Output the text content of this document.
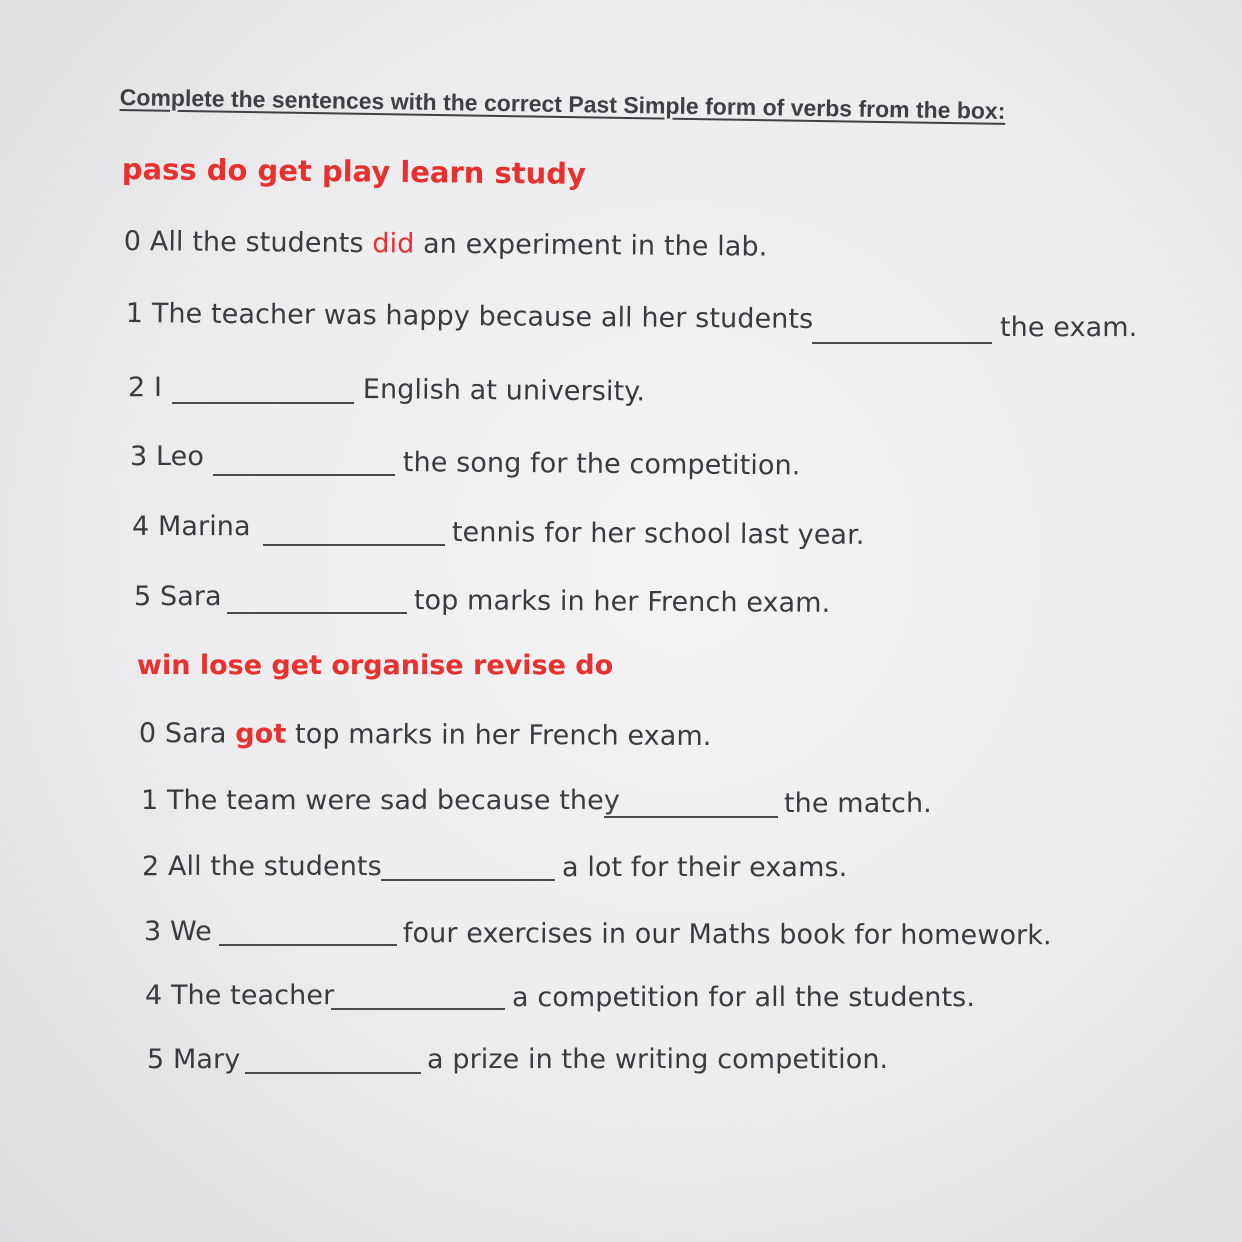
Complete the sentences with the correct Past Simple form of verbs from the box:
pass do get play learn study
0 All the students did an experiment in the lab.
1 The teacher was happy because all her students	the exam.
2 I	English at university.
3 Leo	the song for the competition.
4 Marina	tennis for her school last year.
5 Sara	top marks in her French exam.
win lose get organise revise do
0 Sara got top marks in her French exam.
1 The team were sad because they	the match.
2 All the students	a lot for their exams.
3 We	four exercises in our Maths book for homework.
4 The teacher	a competition for all the students.
5 Mary	a prize in the writing competition.
